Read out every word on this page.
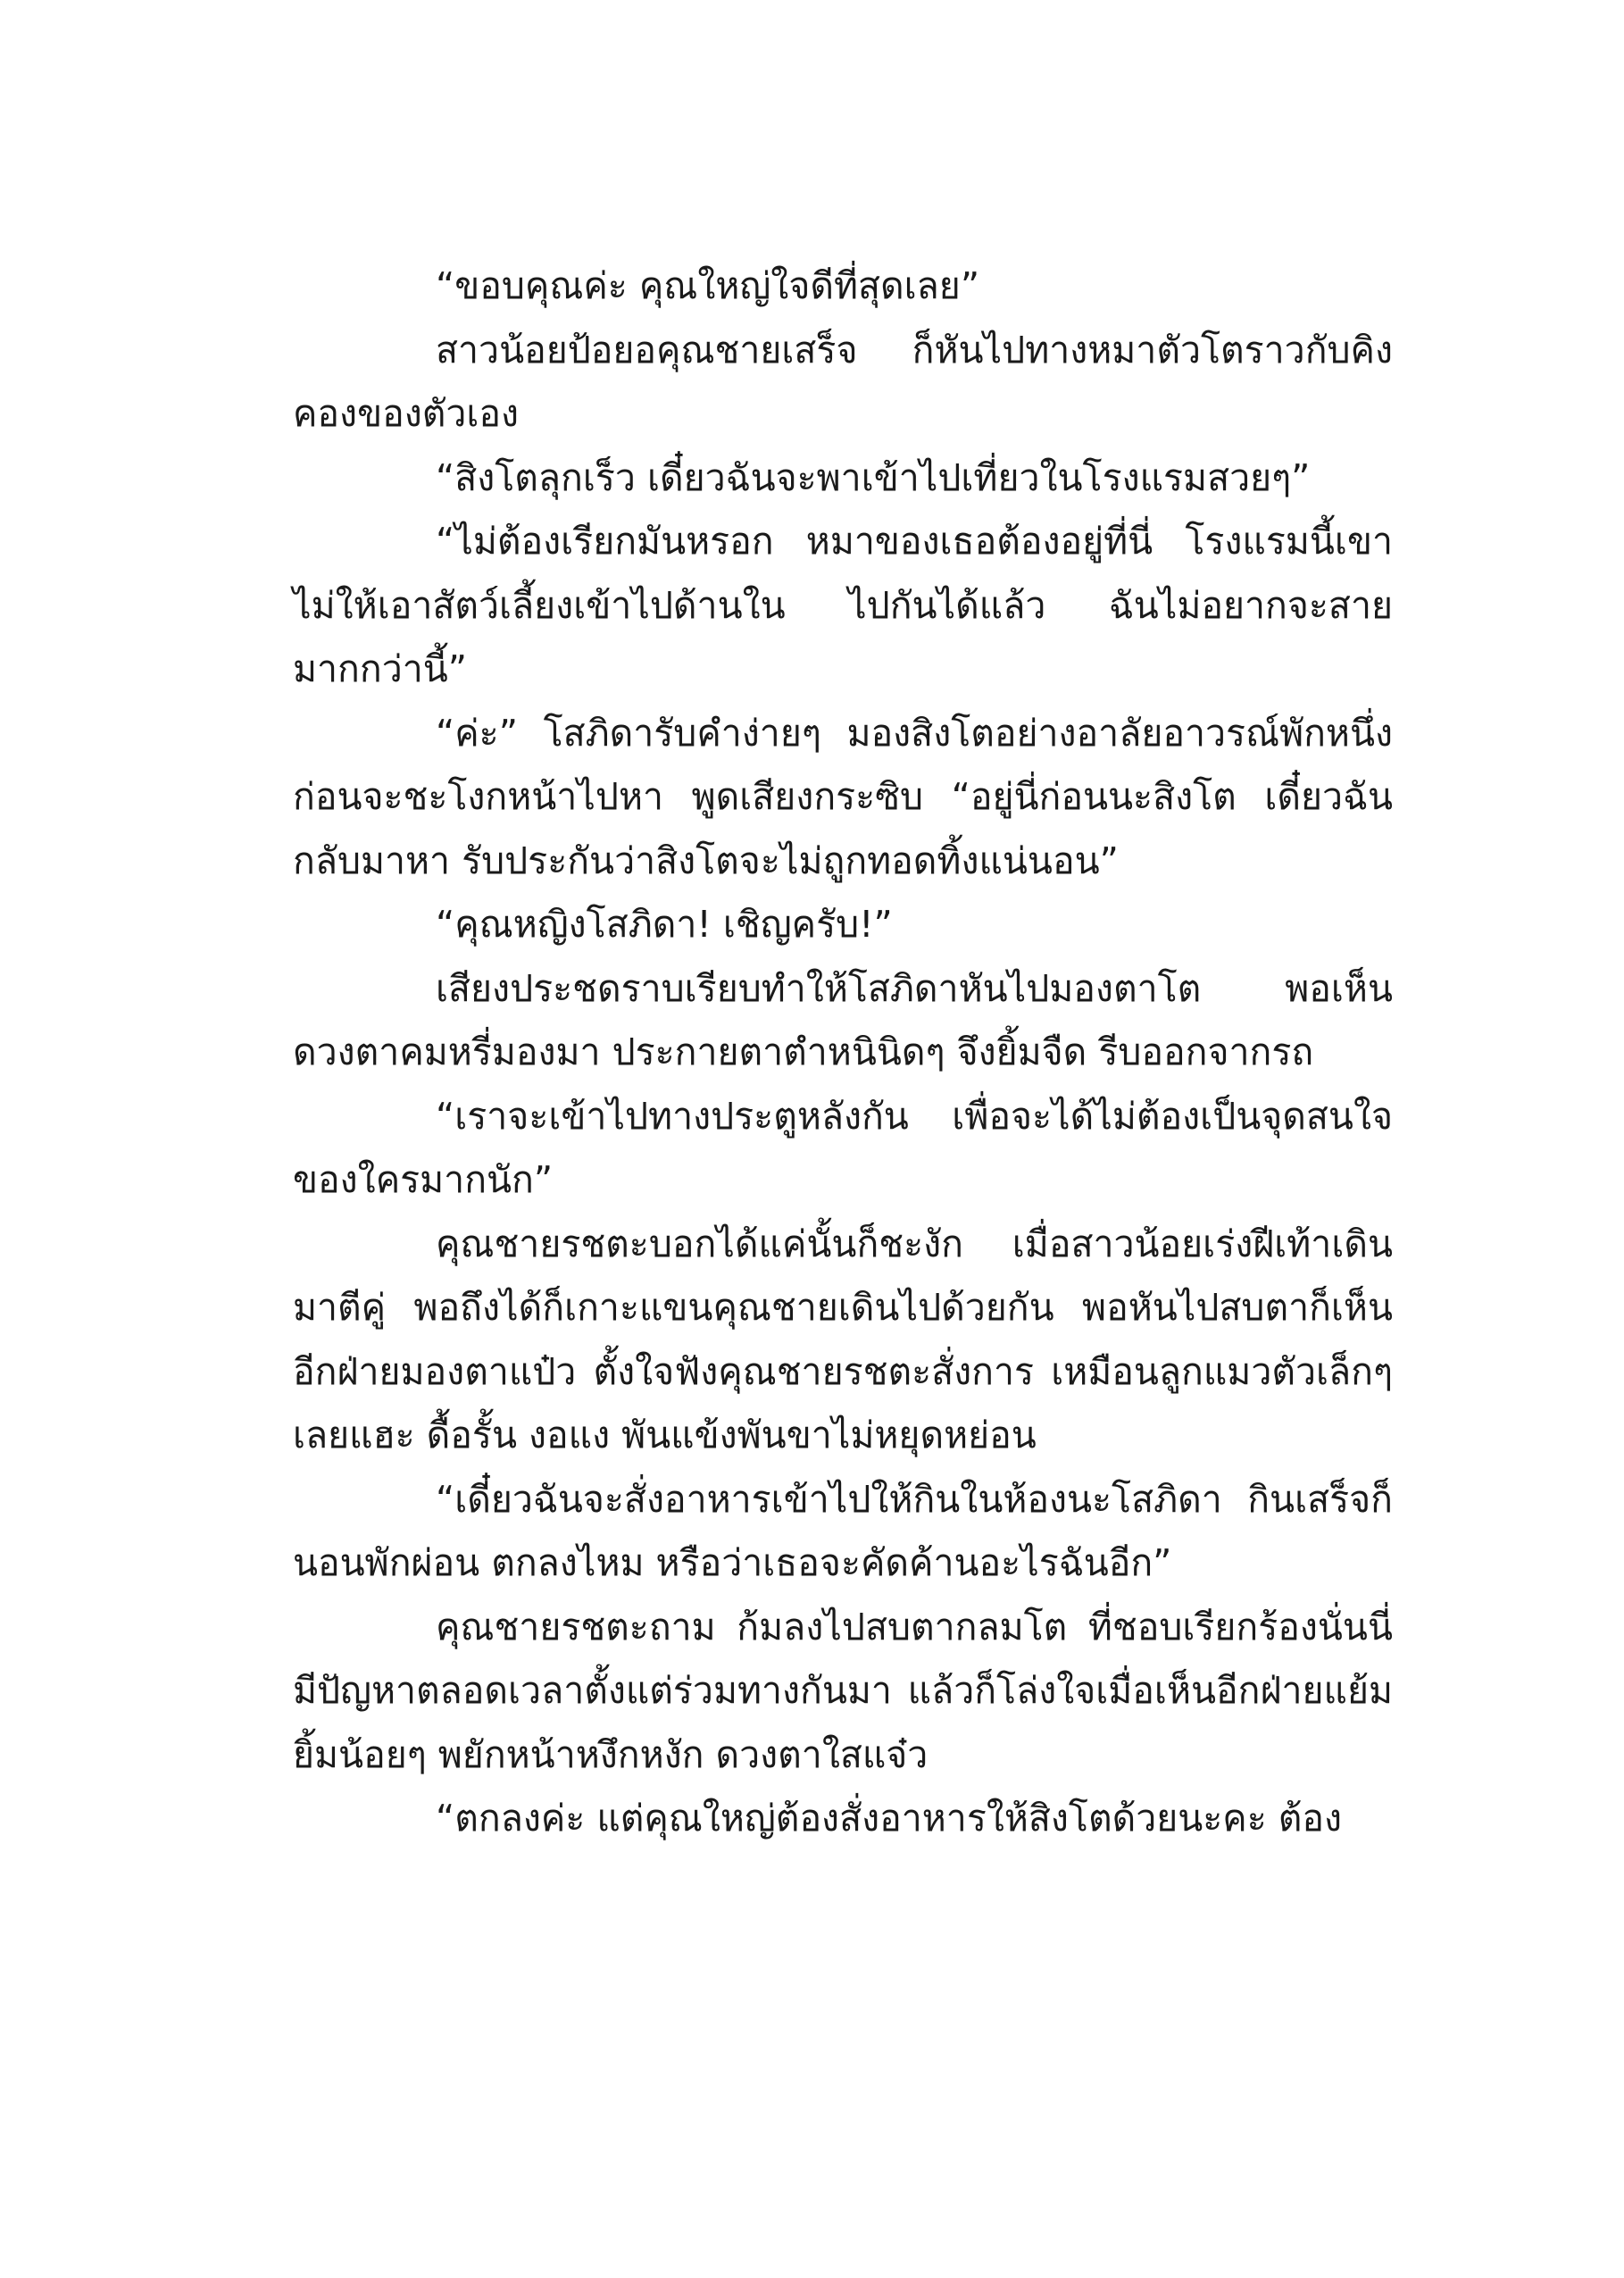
“ขอบคุณค่ะ คุณใหญ่ใจดีที่สุดเลย”

สาวน้อยป้อยอคุณชายเสร็จ ก็หันไปทางหมาตัวโตราวกับคิงคองของตัวเอง

“สิงโตลุกเร็ว เดี๋ยวฉันจะพาเข้าไปเที่ยวในโรงแรมสวยๆ”

“ไม่ต้องเรียกมันหรอก หมาของเธอต้องอยู่ที่นี่ โรงแรมนี้เขาไม่ให้เอาสัตว์เลี้ยงเข้าไปด้านใน ไปกันได้แล้ว ฉันไม่อยากจะสายมากกว่านี้”

“ค่ะ” โสภิดารับคำง่ายๆ มองสิงโตอย่างอาลัยอาวรณ์พักหนึ่งก่อนจะชะโงกหน้าไปหา พูดเสียงกระซิบ “อยู่นี่ก่อนนะสิงโต เดี๋ยวฉันกลับมาหา รับประกันว่าสิงโตจะไม่ถูกทอดทิ้งแน่นอน”

“คุณหญิงโสภิดา! เชิญครับ!”

เสียงประชดราบเรียบทำให้โสภิดาหันไปมองตาโต พอเห็นดวงตาคมหรี่มองมา ประกายตาตำหนินิดๆ จึงยิ้มจืด รีบออกจากรถ

“เราจะเข้าไปทางประตูหลังกัน เพื่อจะได้ไม่ต้องเป็นจุดสนใจของใครมากนัก”

คุณชายรชตะบอกได้แค่นั้นก็ชะงัก เมื่อสาวน้อยเร่งฝีเท้าเดินมาตีคู่ พอถึงได้ก็เกาะแขนคุณชายเดินไปด้วยกัน พอหันไปสบตาก็เห็นอีกฝ่ายมองตาแป๋ว ตั้งใจฟังคุณชายรชตะสั่งการ เหมือนลูกแมวตัวเล็กๆ เลยแฮะ ดื้อรั้น งอแง พันแข้งพันขาไม่หยุดหย่อน

“เดี๋ยวฉันจะสั่งอาหารเข้าไปให้กินในห้องนะโสภิดา กินเสร็จก็นอนพักผ่อน ตกลงไหม หรือว่าเธอจะคัดค้านอะไรฉันอีก”

คุณชายรชตะถาม ก้มลงไปสบตากลมโต ที่ชอบเรียกร้องนั่นนี่มีปัญหาตลอดเวลาตั้งแต่ร่วมทางกันมา แล้วก็โล่งใจเมื่อเห็นอีกฝ่ายแย้มยิ้มน้อยๆ พยักหน้าหงึกหงัก ดวงตาใสแจ๋ว

“ตกลงค่ะ แต่คุณใหญ่ต้องสั่งอาหารให้สิงโตด้วยนะคะ ต้อง
